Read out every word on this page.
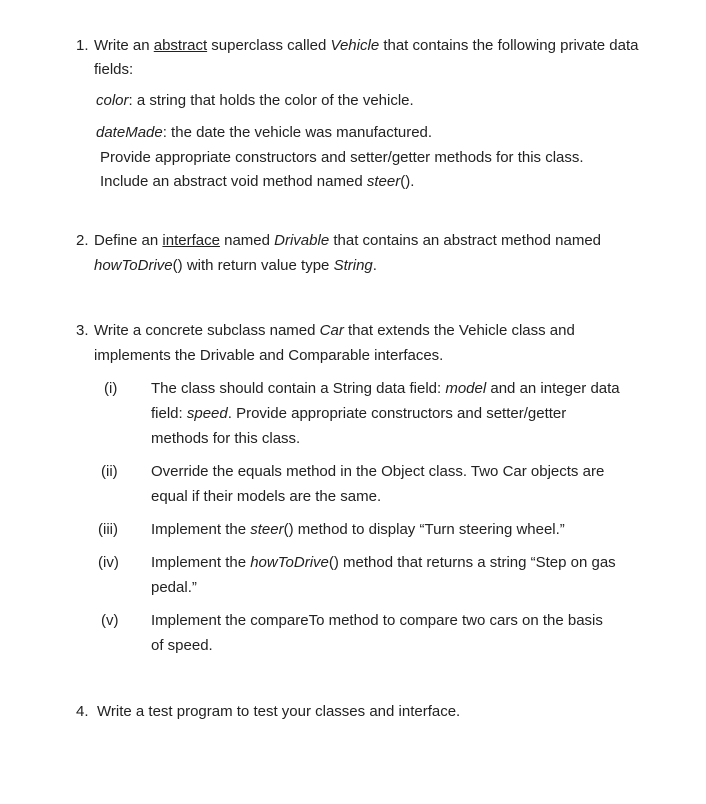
1. Write an abstract superclass called Vehicle that contains the following private data
fields:
color: a string that holds the color of the vehicle.
dateMade: the date the vehicle was manufactured.
Provide appropriate constructors and setter/getter methods for this class.
Include an abstract void method named steer().
2. Define an interface named Drivable that contains an abstract method named
howToDrive() with return value type String.
3. Write a concrete subclass named Car that extends the Vehicle class and
implements the Drivable and Comparable interfaces.
(i) The class should contain a String data field: model and an integer data
field: speed. Provide appropriate constructors and setter/getter
methods for this class.
(ii) Override the equals method in the Object class. Two Car objects are
equal if their models are the same.
(iii) Implement the steer() method to display “Turn steering wheel.”
(iv) Implement the howToDrive() method that returns a string “Step on gas
pedal.”
(v) Implement the compareTo method to compare two cars on the basis
of speed.
4. Write a test program to test your classes and interface.
